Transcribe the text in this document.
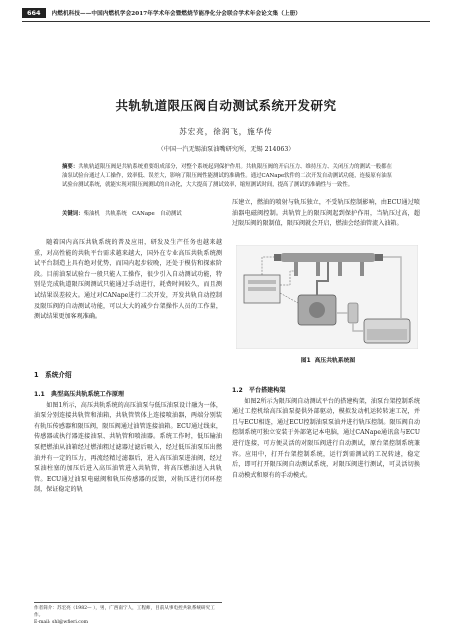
664	内燃机科技——中国内燃机学会2017年学术年会暨燃烧节能净化分会联合学术年会论文集（上册）
共轨轨道限压阀自动测试系统开发研究
苏宏亮，徐润飞，施华传
（中国一汽无锡油泵油嘴研究所，无锡 214063）
摘要：共轨轨道限压阀是共轨系统重要组成部分，对整个系统起到保护作用。共轨限压阀的开启压力、维持压力、关闭压力的测试一般都在油泵试验台通过人工操作，效率低、误差大，影响了限压阀性能测试的准确性。通过CANape软件的二次开发自动测试功能，连接原有油泵试验台测试系统，就能实现对限压阀测试的自动化，大大提高了测试效率，缩短测试时间，提高了测试的准确性与一致性。
关键词：柴油机　共轨系统　CANape　自动测试

随着国内高压共轨系统的普及应用，研发及生产任务也越来越重，对高性能的共轨平台需求越来越大，国外在专业高压共轨系统测试平台制造上具有绝对优势，而国内起步较晚，还处于模仿和探索阶段。目前油泵试验台一般只能人工操作，很少引入自动测试功能，特别是完成轨道限压阀测试只能通过手动进行，耗费时间较久，而且测试结果误差较大。通过对CANape进行二次开发，开发共轨自动控制及限压阀的自动测试功能，可以大大的减少台架操作人员的工作量，测试结果更加客观准确。

1　系统介绍
1.1　典型高压共轨系统工作原理

如图1所示，高压共轨系统的高压油泵与低压油泵设计融为一体，油泵分别连接共轨管和油箱，共轨管管体上连接喷油器，两端分别装有轨压传感器和限压阀，限压阀通过油管连接油箱。ECU通过线束，传感器或执行器连接油泵、共轨管和喷油器。系统工作时，低压输油泵把燃油从油箱经过燃油粗过滤器过滤后吸入，经过低压油泵压出燃油并有一定的压力，再流经精过滤器后，进入高压油泵进油阀，经过泵油柱塞的加压后进入高压油管进入共轨管，将高压燃油送入共轨管。ECU通过油泵电磁阀和轨压传感器的反馈，对轨压进行闭环控制，保证稳定的轨

作者简介：苏宏亮（1982— ），男，广西南宁人，工程师，目前从事电控共轨系统研究工作。
E-mail: shl@wfieri.com

压建立，燃油的喷射与轨压独立，不受轨压控制影响，由ECU通过喷油器电磁阀控制。共轨管上的限压阀起到保护作用，当轨压过高，超过限压阀的限制值，限压阀就会开启，燃油会经油管流入油箱。

图1 高压共轨系统图
1.2　平台搭建构架

如图2所示为限压阀自动测试平台的搭建构架，油泵台架控制系统通过工控机给高压油泵提供外部驱动，模拟发动机运转转速工况，并且与ECU相连，通过ECU控制油泵泵油并进行轨压控制。限压阀自动控制系统可独立安装于外部笔记本电脑，通过CANape通讯盒与ECU进行连接，可方便灵活的对限压阀进行自动测试，原台架控制系统兼容。应用中，打开台架控制系统，运行到需测试的工况转速，稳定后，即可打开限压阀自动测试系统，对限压阀进行测试，可灵活切换自动模式和原有的手动模式。
